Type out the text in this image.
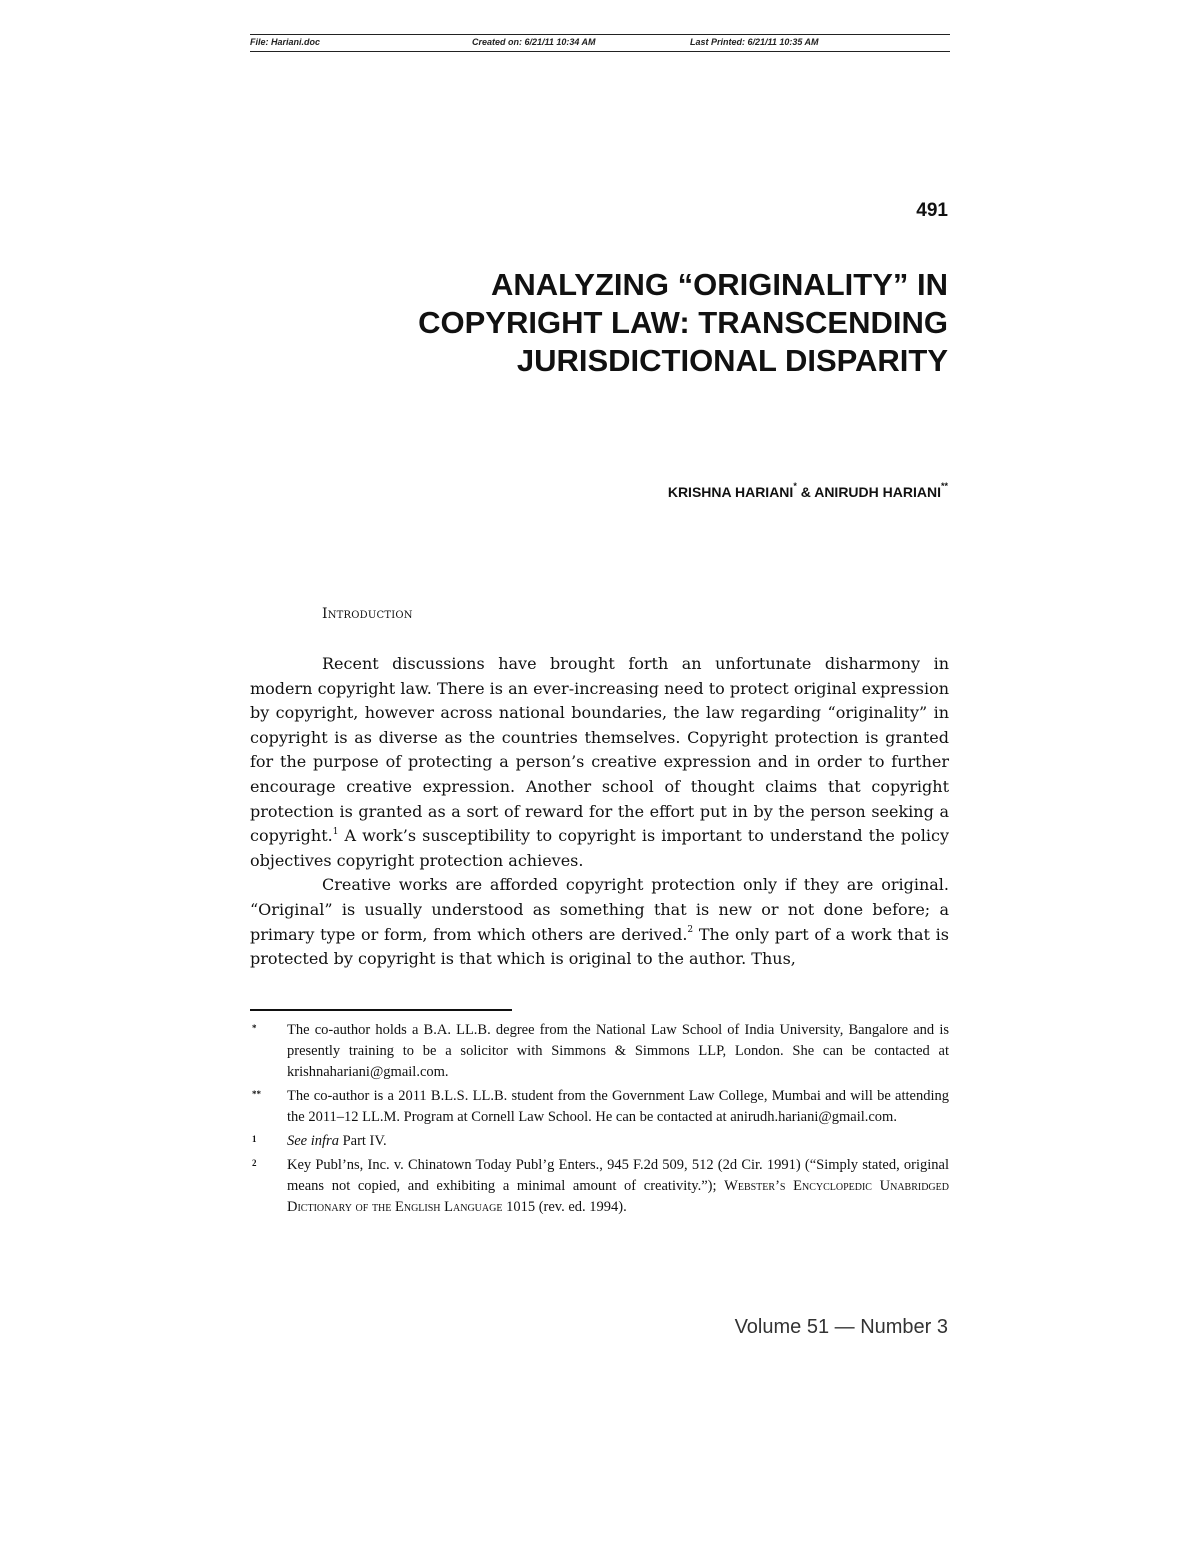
File: Hariani.doc	Created on: 6/21/11 10:34 AM	Last Printed: 6/21/11 10:35 AM
491
ANALYZING “ORIGINALITY” IN
COPYRIGHT LAW: TRANSCENDING
JURISDICTIONAL DISPARITY
KRISHNA HARIANI* & ANIRUDH HARIANI**
Introduction

Recent discussions have brought forth an unfortunate disharmony in modern copyright law. There is an ever-increasing need to protect original expression by copyright, however across national boundaries, the law regarding “originality” in copyright is as diverse as the countries themselves. Copyright protection is granted for the purpose of protecting a person’s creative expression and in order to further encourage creative expression. Another school of thought claims that copyright protection is granted as a sort of reward for the effort put in by the person seeking a copyright.$^1$ A work’s susceptibility to copyright is important to understand the policy objectives copyright protection achieves.

Creative works are afforded copyright protection only if they are original. “Original” is usually understood as something that is new or not done before; a primary type or form, from which others are derived.$^2$ The only part of a work that is protected by copyright is that which is original to the author. Thus,

* The co-author holds a B.A. LL.B. degree from the National Law School of India University, Bangalore and is presently training to be a solicitor with Simmons & Simmons LLP, London. She can be contacted at krishnahariani@gmail.com.
** The co-author is a 2011 B.L.S. LL.B. student from the Government Law College, Mumbai and will be attending the 2011–12 LL.M. Program at Cornell Law School. He can be contacted at anirudh.hariani@gmail.com.
1 See infra Part IV.
2 Key Publ’ns, Inc. v. Chinatown Today Publ’g Enters., 945 F.2d 509, 512 (2d Cir. 1991) (“Simply stated, original means not copied, and exhibiting a minimal amount of creativity.”); Webster’s Encyclopedic Unabridged Dictionary of the English Language 1015 (rev. ed. 1994).
Volume 51 — Number 3
